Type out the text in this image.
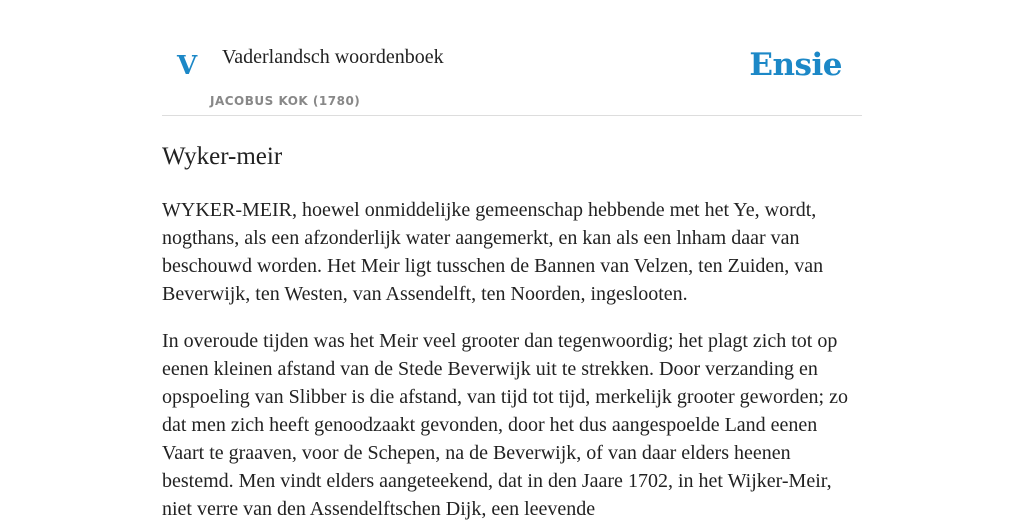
V Vaderlandsch woordenboek
JACOBUS KOK (1780)
Ensie
Wyker-meir

WYKER-MEIR, hoewel onmiddelijke gemeenschap hebbende met het Ye, wordt, nogthans, als een afzonderlijk water aangemerkt, en kan als een lnham daar van beschouwd worden. Het Meir ligt tusschen de Bannen van Velzen, ten Zuiden, van Beverwijk, ten Westen, van Assendelft, ten Noorden, ingeslooten.

In overoude tijden was het Meir veel grooter dan tegenwoordig; het plagt zich tot op eenen kleinen afstand van de Stede Beverwijk uit te strekken. Door verzanding en opspoeling van Slibber is die afstand, van tijd tot tijd, merkelijk grooter geworden; zo dat men zich heeft genoodzaakt gevonden, door het dus aangespoelde Land eenen Vaart te graaven, voor de Schepen, na de Beverwijk, of van daar elders heenen bestemd. Men vindt elders aangeteekend, dat in den Jaare 1702, in het Wijker-Meir, niet verre van den Assendelftschen Dijk, een leevende
